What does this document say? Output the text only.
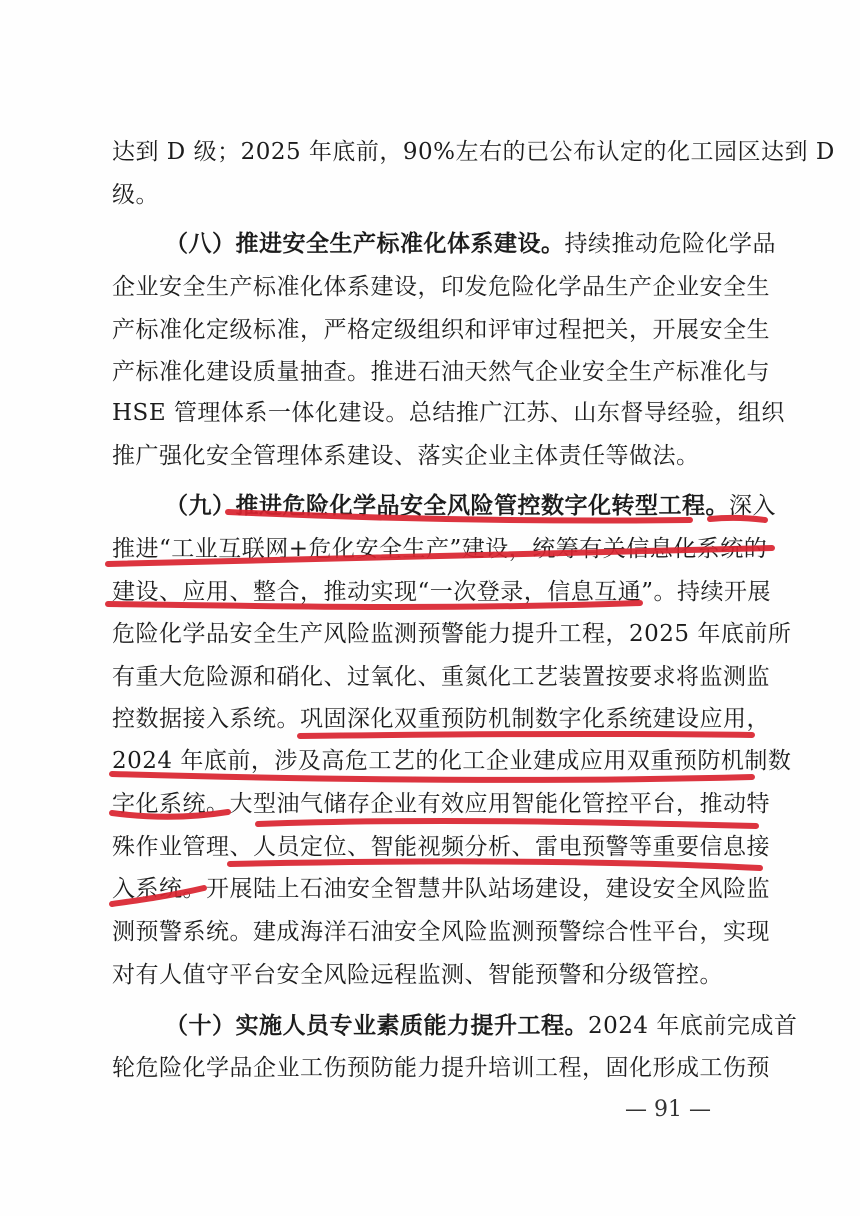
达到 D 级；2025 年底前，90%左右的已公布认定的化工园区达到 D
级。
（八）推进安全生产标准化体系建设。持续推动危险化学品
企业安全生产标准化体系建设，印发危险化学品生产企业安全生
产标准化定级标准，严格定级组织和评审过程把关，开展安全生
产标准化建设质量抽查。推进石油天然气企业安全生产标准化与
HSE 管理体系一体化建设。总结推广江苏、山东督导经验，组织
推广强化安全管理体系建设、落实企业主体责任等做法。
（九）推进危险化学品安全风险管控数字化转型工程。深入
推进“工业互联网+危化安全生产”建设，统筹有关信息化系统的
建设、应用、整合，推动实现“一次登录，信息互通”。持续开展
危险化学品安全生产风险监测预警能力提升工程，2025 年底前所
有重大危险源和硝化、过氧化、重氮化工艺装置按要求将监测监
控数据接入系统。巩固深化双重预防机制数字化系统建设应用，
2024 年底前，涉及高危工艺的化工企业建成应用双重预防机制数
字化系统。大型油气储存企业有效应用智能化管控平台，推动特
殊作业管理、人员定位、智能视频分析、雷电预警等重要信息接
入系统。开展陆上石油安全智慧井队站场建设，建设安全风险监
测预警系统。建成海洋石油安全风险监测预警综合性平台，实现
对有人值守平台安全风险远程监测、智能预警和分级管控。
（十）实施人员专业素质能力提升工程。2024 年底前完成首
轮危险化学品企业工伤预防能力提升培训工程，固化形成工伤预
— 91 —
